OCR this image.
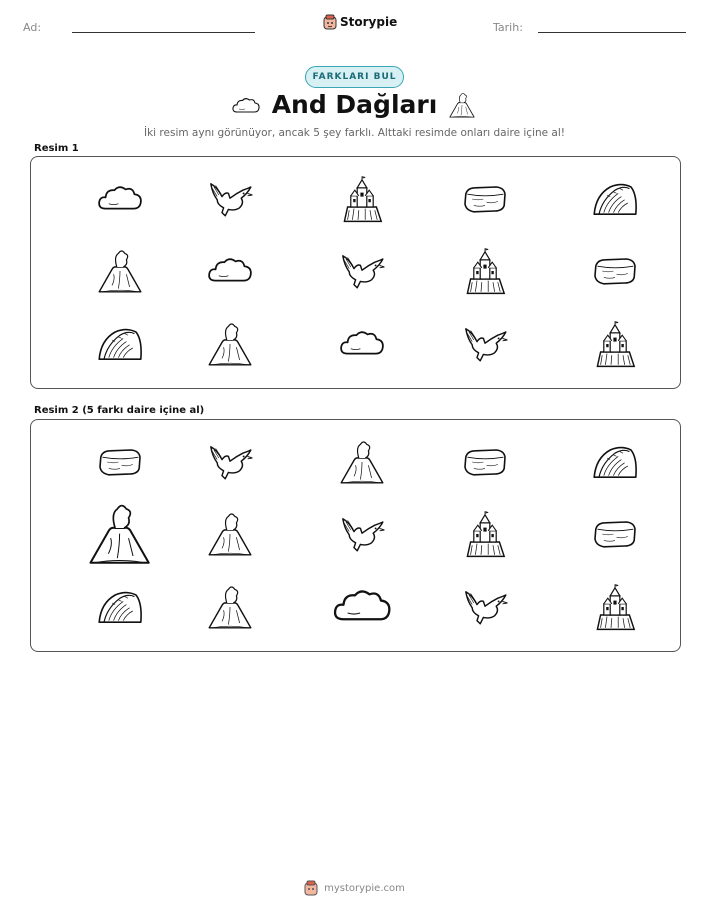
Ad:	Storypie	Tarih:
FARKLARI BUL
And Dağları
İki resim aynı görünüyor, ancak 5 şey farklı. Alttaki resimde onları daire içine al!
Resim 1
Resim 2 (5 farkı daire içine al)
mystorypie.com
